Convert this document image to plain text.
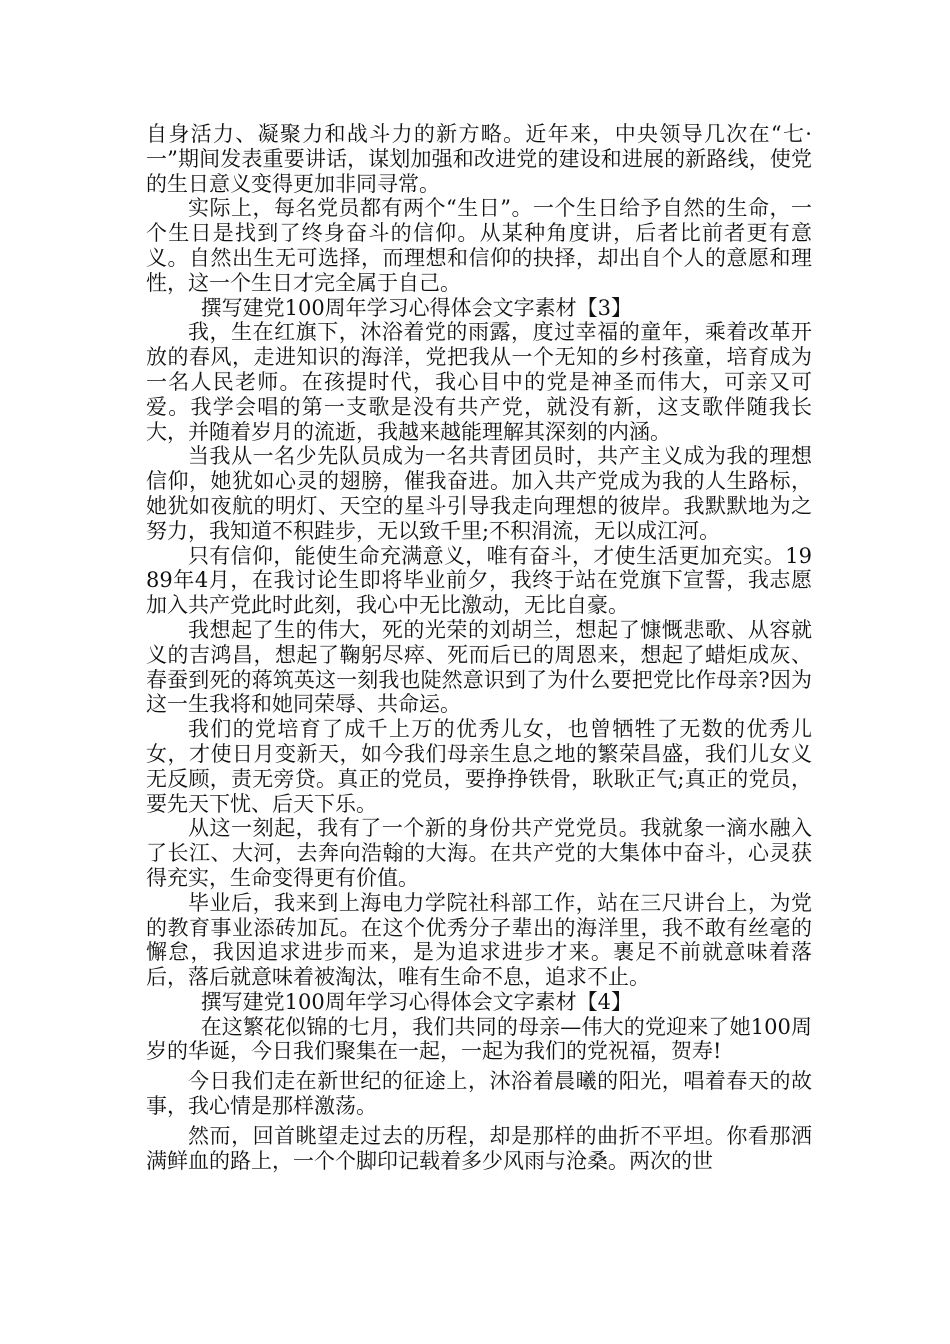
自身活力、凝聚力和战斗力的新方略。近年来，中央领导几次在“七·一”期间发表重要讲话，谋划加强和改进党的建设和进展的新路线，使党的生日意义变得更加非同寻常。

实际上，每名党员都有两个“生日”。一个生日给予自然的生命，一个生日是找到了终身奋斗的信仰。从某种角度讲，后者比前者更有意义。自然出生无可选择，而理想和信仰的抉择，却出自个人的意愿和理性，这一个生日才完全属于自己。

撰写建党100周年学习心得体会文字素材【3】

我，生在红旗下，沐浴着党的雨露，度过幸福的童年，乘着改革开放的春风，走进知识的海洋，党把我从一个无知的乡村孩童，培育成为一名人民老师。在孩提时代，我心目中的党是神圣而伟大，可亲又可爱。我学会唱的第一支歌是没有共产党，就没有新，这支歌伴随我长大，并随着岁月的流逝，我越来越能理解其深刻的内涵。

当我从一名少先队员成为一名共青团员时，共产主义成为我的理想信仰，她犹如心灵的翅膀，催我奋进。加入共产党成为我的人生路标，她犹如夜航的明灯、天空的星斗引导我走向理想的彼岸。我默默地为之努力，我知道不积跬步，无以致千里;不积涓流，无以成江河。

只有信仰，能使生命充满意义，唯有奋斗，才使生活更加充实。1989年4月，在我讨论生即将毕业前夕，我终于站在党旗下宣誓，我志愿加入共产党此时此刻，我心中无比激动，无比自豪。

我想起了生的伟大，死的光荣的刘胡兰，想起了慷慨悲歌、从容就义的吉鸿昌，想起了鞠躬尽瘁、死而后已的周恩来，想起了蜡炬成灰、春蚕到死的蒋筑英这一刻我也陡然意识到了为什么要把党比作母亲?因为这一生我将和她同荣辱、共命运。

我们的党培育了成千上万的优秀儿女，也曾牺牲了无数的优秀儿女，才使日月变新天，如今我们母亲生息之地的繁荣昌盛，我们儿女义无反顾，责无旁贷。真正的党员，要挣挣铁骨，耿耿正气;真正的党员，要先天下忧、后天下乐。

从这一刻起，我有了一个新的身份共产党党员。我就象一滴水融入了长江、大河，去奔向浩翰的大海。在共产党的大集体中奋斗，心灵获得充实，生命变得更有价值。

毕业后，我来到上海电力学院社科部工作，站在三尺讲台上，为党的教育事业添砖加瓦。在这个优秀分子辈出的海洋里，我不敢有丝毫的懈怠，我因追求进步而来，是为追求进步才来。裹足不前就意味着落后，落后就意味着被淘汰，唯有生命不息，追求不止。

撰写建党100周年学习心得体会文字素材【4】

在这繁花似锦的七月，我们共同的母亲—伟大的党迎来了她100周岁的华诞，今日我们聚集在一起，一起为我们的党祝福，贺寿!

今日我们走在新世纪的征途上，沐浴着晨曦的阳光，唱着春天的故事，我心情是那样激荡。

然而，回首眺望走过去的历程，却是那样的曲折不平坦。你看那洒满鲜血的路上，一个个脚印记载着多少风雨与沧桑。两次的世
